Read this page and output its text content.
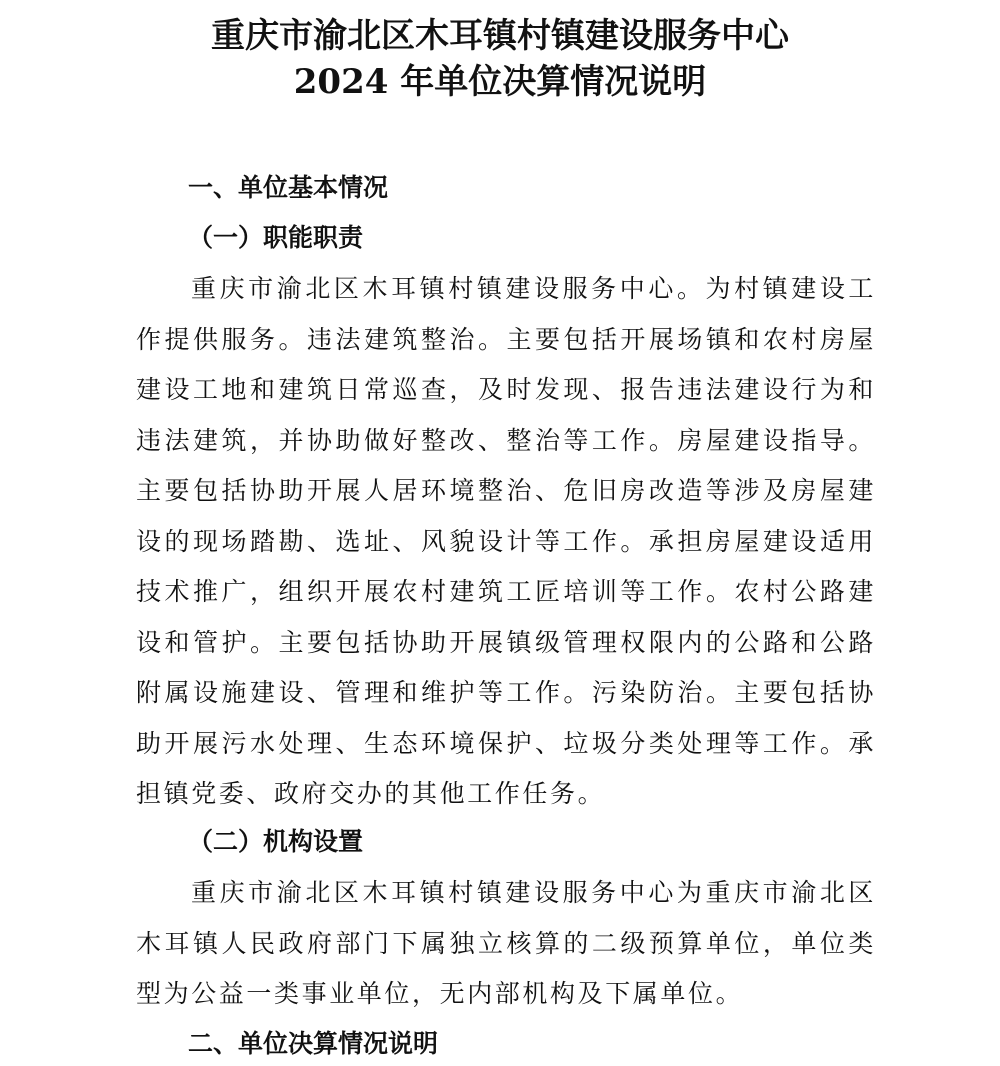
重庆市渝北区木耳镇村镇建设服务中心
2024 年单位决算情况说明
一、单位基本情况
（一）职能职责

重庆市渝北区木耳镇村镇建设服务中心。为村镇建设工作提供服务。违法建筑整治。主要包括开展场镇和农村房屋建设工地和建筑日常巡查，及时发现、报告违法建设行为和违法建筑，并协助做好整改、整治等工作。房屋建设指导。主要包括协助开展人居环境整治、危旧房改造等涉及房屋建设的现场踏勘、选址、风貌设计等工作。承担房屋建设适用技术推广，组织开展农村建筑工匠培训等工作。农村公路建设和管护。主要包括协助开展镇级管理权限内的公路和公路附属设施建设、管理和维护等工作。污染防治。主要包括协助开展污水处理、生态环境保护、垃圾分类处理等工作。承担镇党委、政府交办的其他工作任务。

（二）机构设置

重庆市渝北区木耳镇村镇建设服务中心为重庆市渝北区木耳镇人民政府部门下属独立核算的二级预算单位，单位类型为公益一类事业单位，无内部机构及下属单位。

二、单位决算情况说明
